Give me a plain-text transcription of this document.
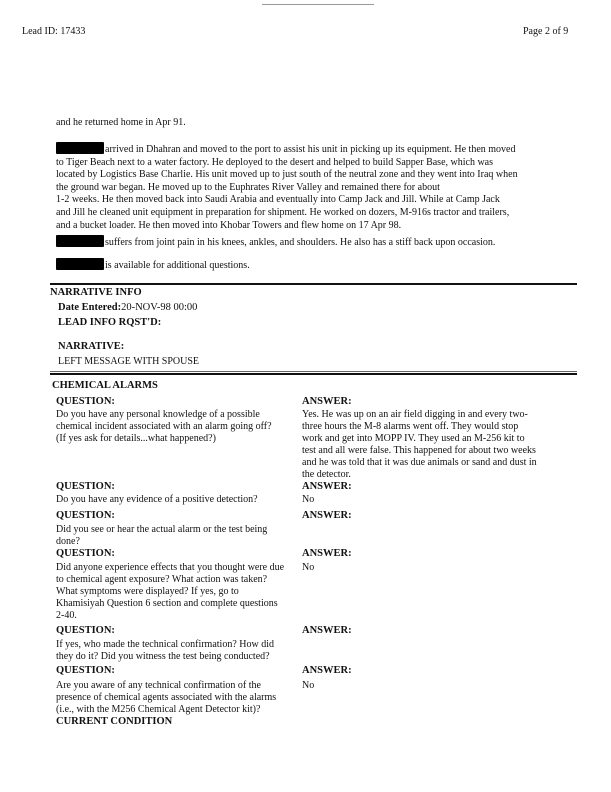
Lead ID: 17433	Page 2 of 9
and he returned home in Apr 91.
arrived in Dhahran and moved to the port to assist his unit in picking up its equipment. He then moved
to Tiger Beach next to a water factory. He deployed to the desert and helped to build Sapper Base, which was
located by Logistics Base Charlie. His unit moved up to just south of the neutral zone and they went into Iraq when
the ground war began. He moved up to the Euphrates River Valley and remained there for about
1-2 weeks. He then moved back into Saudi Arabia and eventually into Camp Jack and Jill. While at Camp Jack
and Jill he cleaned unit equipment in preparation for shipment. He worked on dozers, M-916s tractor and trailers,
and a bucket loader. He then moved into Khobar Towers and flew home on 17 Apr 98.
suffers from joint pain in his knees, ankles, and shoulders. He also has a stiff back upon occasion.
is available for additional questions.
NARRATIVE INFO
Date Entered:20-NOV-98 00:00
LEAD INFO RQST'D:
NARRATIVE:
LEFT MESSAGE WITH SPOUSE
CHEMICAL ALARMS
QUESTION:
Do you have any personal knowledge of a possible
chemical incident associated with an alarm going off?
(If yes ask for details...what happened?)
ANSWER:
Yes. He was up on an air field digging in and every two-
three hours the M-8 alarms went off. They would stop
work and get into MOPP IV. They used an M-256 kit to
test and all were false. This happened for about two weeks
and he was told that it was due animals or sand and dust in
the detector.
QUESTION:
Do you have any evidence of a positive detection?
ANSWER:
No
QUESTION:
Did you see or hear the actual alarm or the test being
done?
ANSWER:
QUESTION:
Did anyone experience effects that you thought were due
to chemical agent exposure? What action was taken?
What symptoms were displayed? If yes, go to
Khamisiyah Question 6 section and complete questions
2-40.
ANSWER:
No
QUESTION:
If yes, who made the technical confirmation? How did
they do it? Did you witness the test being conducted?
ANSWER:
QUESTION:
Are you aware of any technical confirmation of the
presence of chemical agents associated with the alarms
(i.e., with the M256 Chemical Agent Detector kit)?
ANSWER:
No
CURRENT CONDITION
